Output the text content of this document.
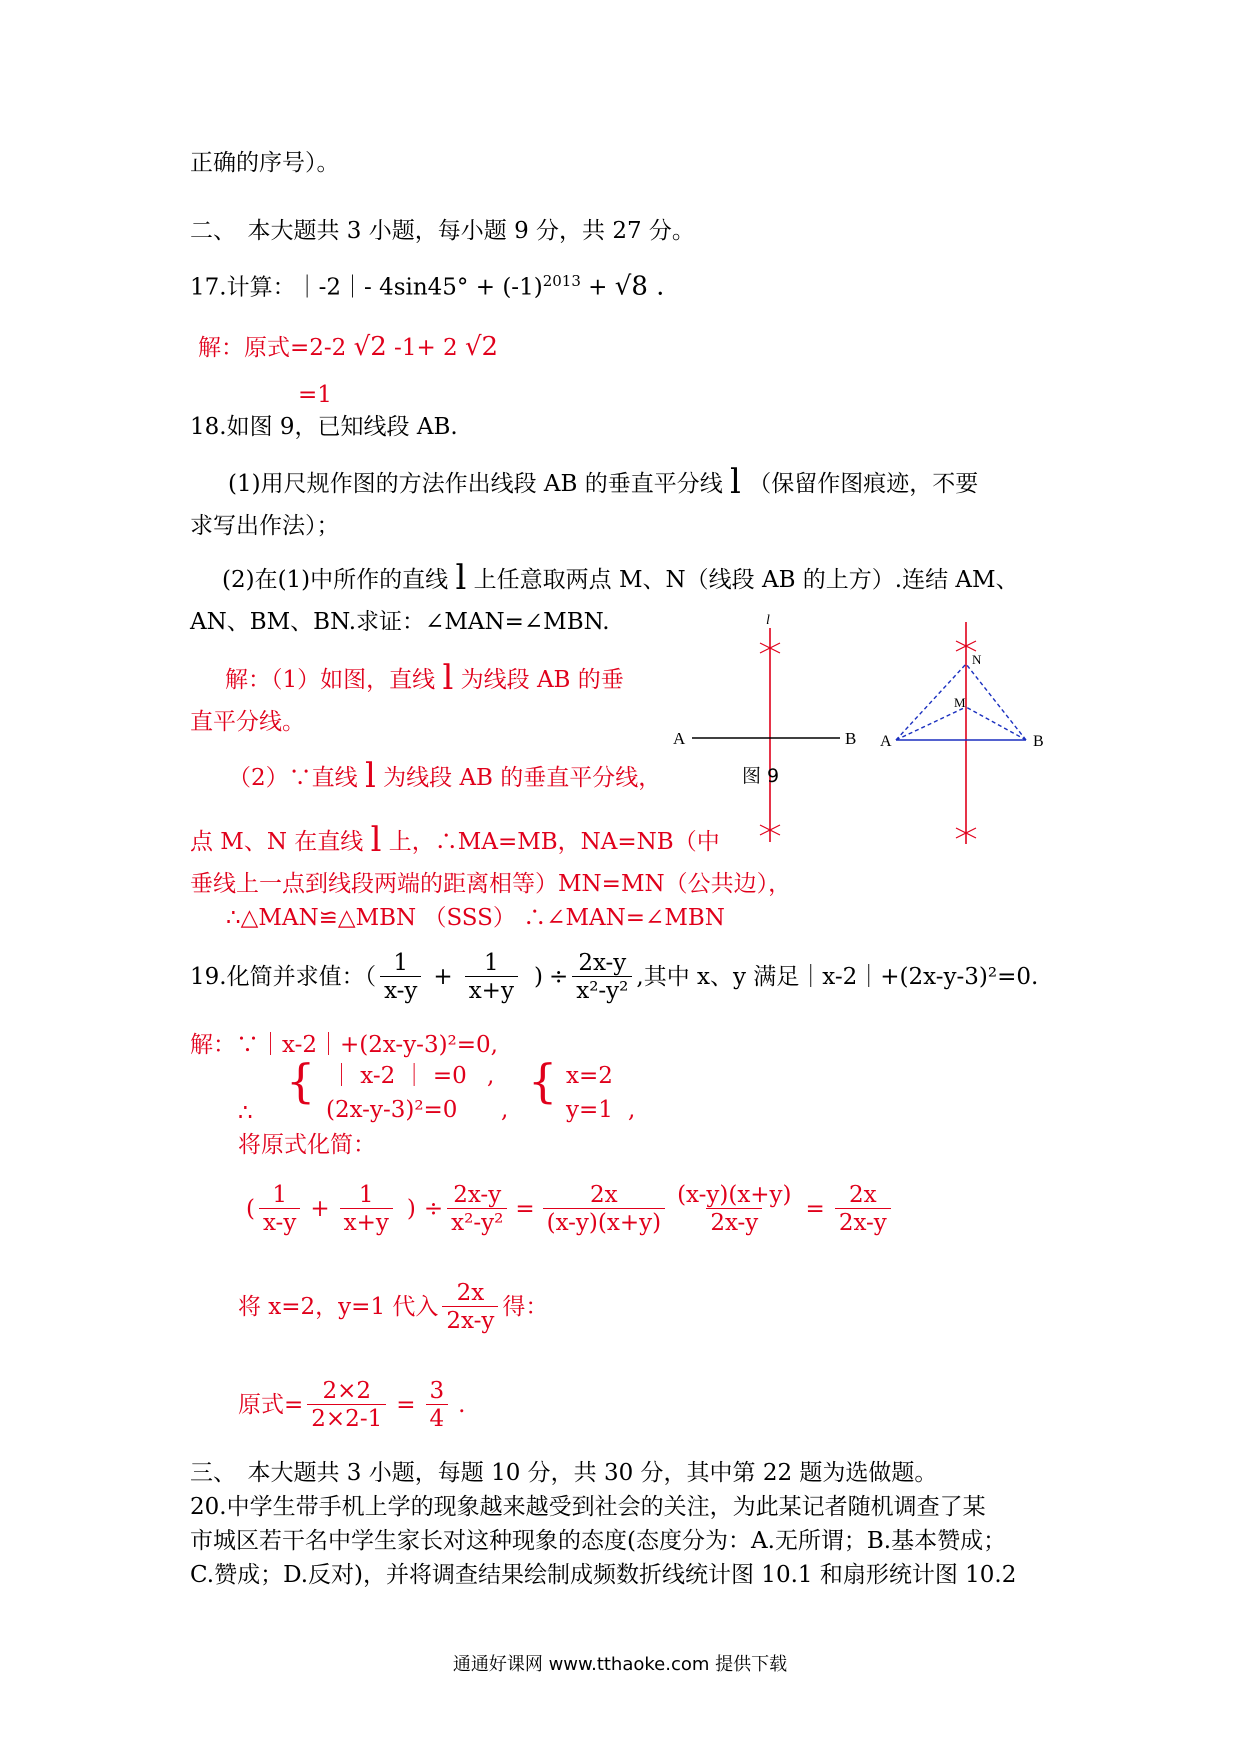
正确的序号）。
二、　本大题共 3 小题，每小题 9 分，共 27 分。
17.计算：｜-2｜- $4\sin 45^\circ + (-1)^{2013} + √8$ .
解：原式=2-2 √2 -1+ 2 √2
=1
18.如图 9，已知线段 AB.
(1)用尺规作图的方法作出线段 AB 的垂直平分线 l （保留作图痕迹，不要
求写出作法）；
(2)在(1)中所作的直线 l 上任意取两点 M、N（线段 AB 的上方）.连结 AM、
AN、BM、BN.求证：∠MAN=∠MBN.
解：（1）如图，直线 l 为线段 AB 的垂
直平分线。
（2）∵直线 l 为线段 AB 的垂直平分线，
点 M、N 在直线 l 上，∴MA=MB，NA=NB（中
垂线上一点到线段两端的距离相等）MN=MN（公共边），
∴△MAN≌△MBN （SSS） ∴∠MAN=∠MBN
l
A	B
图 9
N
M
A	B
19.化简并求值：（ $\frac{1}{x-y} + \frac{1}{x+y}$ ) ÷ $\frac{2x-y}{\text{x²-y²}}$ ,其中 x、y 满足｜x-2｜+(2x-y-3)²=0.
解：∵｜x-2｜+(2x-y-3)²=0,
{ ｜ x-2 ｜ =0
(2x-y-3)²=0
,
,
∴
{ x=2
y=1 ,
将原式化简：
( $\frac{1}{x-y} + \frac{1}{x+y}$ ) ÷ $\frac{2x-y}{\text{x²-y²}} = \frac{2x}{(x-y)(x+y)} \frac{(x-y)(x+y)}{2x-y} = \frac{2x}{2x-y}$
将 x=2，y=1 代入 $\frac{2x}{2x-y}$ 得：
原式= $\frac{2\times 2}{2\times 2-1} = \frac{3}{4}$ .
三、　本大题共 3 小题，每题 10 分，共 30 分，其中第 22 题为选做题。
20.中学生带手机上学的现象越来越受到社会的关注，为此某记者随机调查了某
市城区若干名中学生家长对这种现象的态度(态度分为：A.无所谓；B.基本赞成；
C.赞成；D.反对)，并将调查结果绘制成频数折线统计图 10.1 和扇形统计图 10.2
通通好课网 www.tthaoke.com 提供下载
